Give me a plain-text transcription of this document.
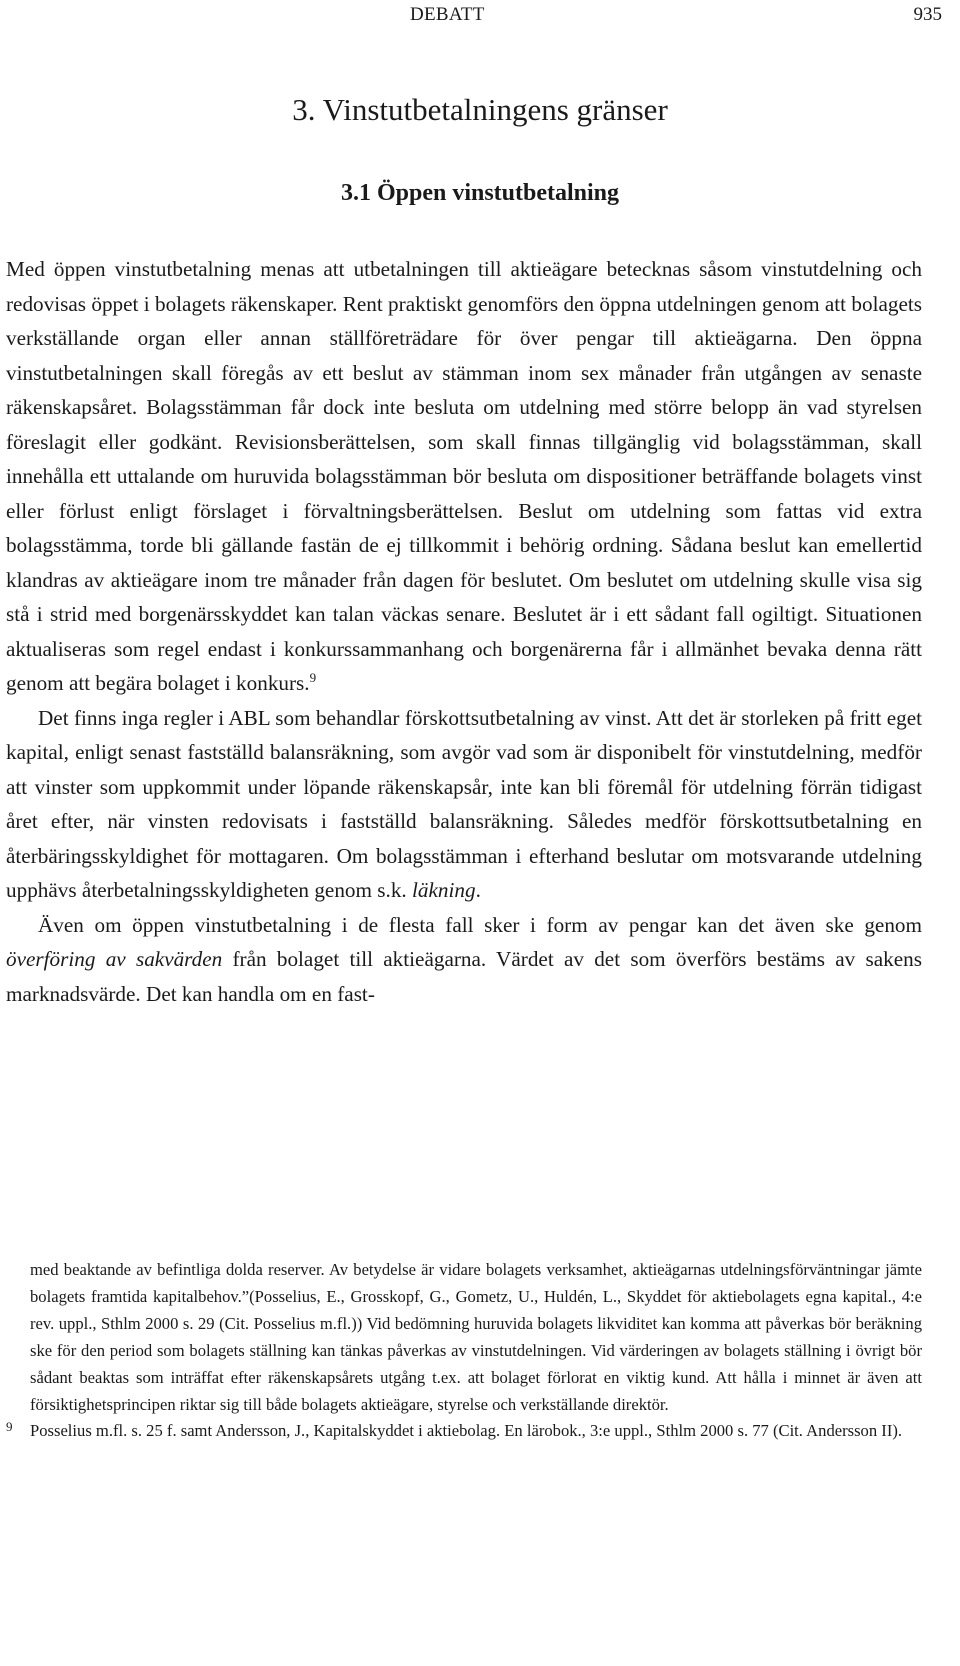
DEBATT	935
3. Vinstutbetalningens gränser
3.1 Öppen vinstutbetalning

Med öppen vinstutbetalning menas att utbetalningen till aktieägare betecknas såsom vinstutdelning och redovisas öppet i bolagets räkenskaper. Rent praktiskt genomförs den öppna utdelningen genom att bolagets verkställande organ eller annan ställföreträdare för över pengar till aktieägarna. Den öppna vinstutbetalningen skall föregås av ett beslut av stämman inom sex månader från utgången av senaste räkenskapsåret. Bolagsstämman får dock inte besluta om utdelning med större belopp än vad styrelsen föreslagit eller godkänt. Revisionsberättelsen, som skall finnas tillgänglig vid bolagsstämman, skall innehålla ett uttalande om huruvida bolagsstämman bör besluta om dispositioner beträffande bolagets vinst eller förlust enligt förslaget i förvaltningsberättelsen. Beslut om utdelning som fattas vid extra bolagsstämma, torde bli gällande fastän de ej tillkommit i behörig ordning. Sådana beslut kan emellertid klandras av aktieägare inom tre månader från dagen för beslutet. Om beslutet om utdelning skulle visa sig stå i strid med borgenärsskyddet kan talan väckas senare. Beslutet är i ett sådant fall ogiltigt. Situationen aktualiseras som regel endast i konkurssammanhang och borgenärerna får i allmänhet bevaka denna rätt genom att begära bolaget i konkurs.$^9$

Det finns inga regler i ABL som behandlar förskottsutbetalning av vinst. Att det är storleken på fritt eget kapital, enligt senast fastställd balansräkning, som avgör vad som är disponibelt för vinstutdelning, medför att vinster som uppkommit under löpande räkenskapsår, inte kan bli föremål för utdelning förrän tidigast året efter, när vinsten redovisats i fastställd balansräkning. Således medför förskottsutbetalning en återbäringsskyldighet för mottagaren. Om bolagsstämman i efterhand beslutar om motsvarande utdelning upphävs återbetalningsskyldigheten genom s.k. läkning.

Även om öppen vinstutbetalning i de flesta fall sker i form av pengar kan det även ske genom överföring av sakvärden från bolaget till aktieägarna. Värdet av det som överförs bestäms av sakens marknadsvärde. Det kan handla om en fast-

med beaktande av befintliga dolda reserver. Av betydelse är vidare bolagets verksamhet, aktieägarnas utdelningsförväntningar jämte bolagets framtida kapitalbehov.”(Posselius, E., Grosskopf, G., Gometz, U., Huldén, L., Skyddet för aktiebolagets egna kapital., 4:e rev. uppl., Sthlm 2000 s. 29 (Cit. Posselius m.fl.)) Vid bedömning huruvida bolagets likviditet kan komma att påverkas bör beräkning ske för den period som bolagets ställning kan tänkas påverkas av vinstutdelningen. Vid värderingen av bolagets ställning i övrigt bör sådant beaktas som inträffat efter räkenskapsårets utgång t.ex. att bolaget förlorat en viktig kund. Att hålla i minnet är även att försiktighetsprincipen riktar sig till både bolagets aktieägare, styrelse och verkställande direktör.

9	Posselius m.fl. s. 25 f. samt Andersson, J., Kapitalskyddet i aktiebolag. En lärobok., 3:e uppl., Sthlm 2000 s. 77 (Cit. Andersson II).
